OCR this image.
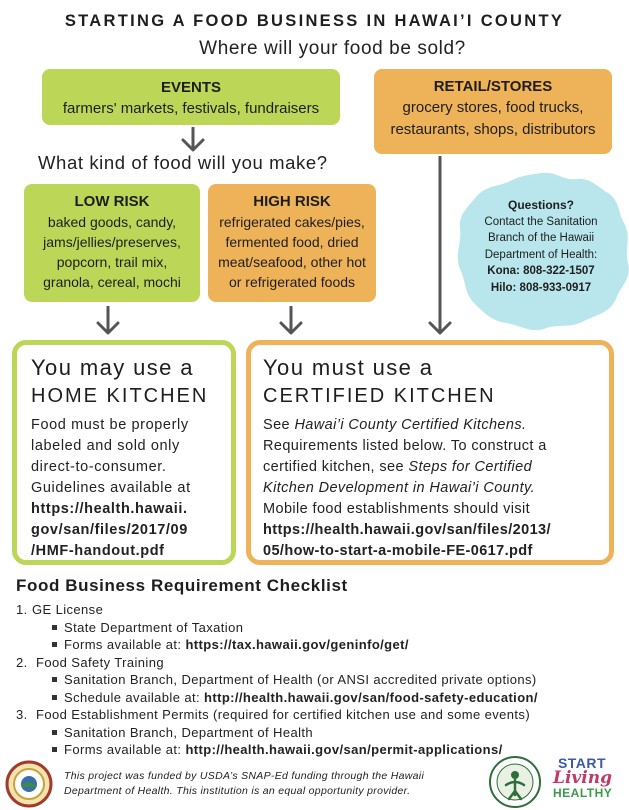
STARTING A FOOD BUSINESS IN HAWAI’I COUNTY
Where will your food be sold?
EVENTS
farmers' markets, festivals, fundraisers
RETAIL/STORES
grocery stores, food trucks,
restaurants, shops, distributors
What kind of food will you make?
LOW RISK
baked goods, candy,
jams/jellies/preserves,
popcorn, trail mix,
granola, cereal, mochi
HIGH RISK
refrigerated cakes/pies,
fermented food, dried
meat/seafood, other hot
or refrigerated foods
Questions?
Contact the Sanitation
Branch of the Hawaii
Department of Health:
Kona: 808-322-1507
Hilo: 808-933-0917
You may use a
HOME KITCHEN
Food must be properly
labeled and sold only
direct-to-consumer.
Guidelines available at
https://health.hawaii.
gov/san/files/2017/09
/HMF-handout.pdf
You must use a
CERTIFIED KITCHEN
See Hawai’i County Certified Kitchens.
Requirements listed below. To construct a
certified kitchen, see Steps for Certified
Kitchen Development in Hawai’i County.
Mobile food establishments should visit
https://health.hawaii.gov/san/files/2013/
05/how-to-start-a-mobile-FE-0617.pdf
Food Business Requirement Checklist
1. GE License
State Department of Taxation
Forms available at: https://tax.hawaii.gov/geninfo/get/
2. Food Safety Training
Sanitation Branch, Department of Health (or ANSI accredited private options)
Schedule available at: http://health.hawaii.gov/san/food-safety-education/
3. Food Establishment Permits (required for certified kitchen use and some events)
Sanitation Branch, Department of Health
Forms available at: http://health.hawaii.gov/san/permit-applications/
This project was funded by USDA’s SNAP-Ed funding through the Hawaii
Department of Health. This institution is an equal opportunity provider.
START
Living
HEALTHY
